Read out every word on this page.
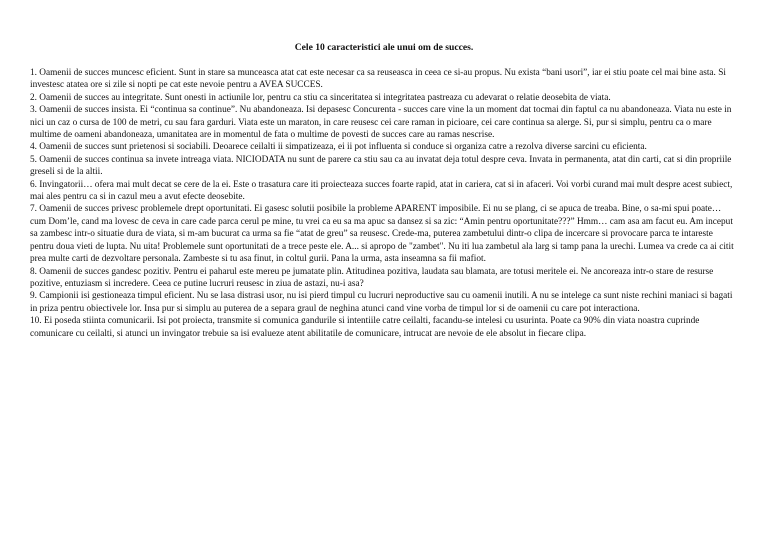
Cele 10 caracteristici ale unui om de succes.

1. Oamenii de succes muncesc eficient. Sunt in stare sa munceasca atat cat este necesar ca sa reuseasca in ceea ce si-au propus. Nu exista “bani usori”, iar ei stiu poate cel mai bine asta. Si investesc atatea ore si zile si nopti pe cat este nevoie pentru a AVEA SUCCES.

2. Oamenii de succes au integritate. Sunt onesti in actiunile lor, pentru ca stiu ca sinceritatea si integritatea pastreaza cu adevarat o relatie deosebita de viata.

3. Oamenii de succes insista. Ei “continua sa continue”. Nu abandoneaza. Isi depasesc Concurenta - succes care vine la un moment dat tocmai din faptul ca nu abandoneaza. Viata nu este in nici un caz o cursa de 100 de metri, cu sau fara garduri. Viata este un maraton, in care reusesc cei care raman in picioare, cei care continua sa alerge. Si, pur si simplu, pentru ca o mare multime de oameni abandoneaza, umanitatea are in momentul de fata o multime de povesti de succes care au ramas nescrise.

4. Oamenii de succes sunt prietenosi si sociabili. Deoarece ceilalti ii simpatizeaza, ei ii pot influenta si conduce si organiza catre a rezolva diverse sarcini cu eficienta.

5. Oamenii de succes continua sa invete intreaga viata. NICIODATA nu sunt de parere ca stiu sau ca au invatat deja totul despre ceva. Invata in permanenta, atat din carti, cat si din propriile greseli si de la altii.

6. Invingatorii… ofera mai mult decat se cere de la ei. Este o trasatura care iti proiecteaza succes foarte rapid, atat in cariera, cat si in afaceri. Voi vorbi curand mai mult despre acest subiect, mai ales pentru ca si in cazul meu a avut efecte deosebite.

7. Oamenii de succes privesc problemele drept oportunitati. Ei gasesc solutii posibile la probleme APARENT imposibile. Ei nu se plang, ci se apuca de treaba. Bine, o sa-mi spui poate… cum Dom’le, cand ma lovesc de ceva in care cade parca cerul pe mine, tu vrei ca eu sa ma apuc sa dansez si sa zic: “Amin pentru oportunitate???” Hmm… cam asa am facut eu. Am inceput sa zambesc intr-o situatie dura de viata, si m-am bucurat ca urma sa fie “atat de greu” sa reusesc. Crede-ma, puterea zambetului dintr-o clipa de incercare si provocare parca te intareste pentru doua vieti de lupta. Nu uita! Problemele sunt oportunitati de a trece peste ele. A... si apropo de "zambet". Nu iti lua zambetul ala larg si tamp pana la urechi. Lumea va crede ca ai citit prea multe carti de dezvoltare personala. Zambeste si tu asa finut, in coltul gurii. Pana la urma, asta inseamna sa fii mafiot.

8. Oamenii de succes gandesc pozitiv. Pentru ei paharul este mereu pe jumatate plin. Atitudinea pozitiva, laudata sau blamata, are totusi meritele ei. Ne ancoreaza intr-o stare de resurse pozitive, entuziasm si incredere. Ceea ce putine lucruri reusesc in ziua de astazi, nu-i asa?

9. Campionii isi gestioneaza timpul eficient. Nu se lasa distrasi usor, nu isi pierd timpul cu lucruri neproductive sau cu oamenii inutili. A nu se intelege ca sunt niste rechini maniaci si bagati in priza pentru obiectivele lor. Insa pur si simplu au puterea de a separa graul de neghina atunci cand vine vorba de timpul lor si de oamenii cu care pot interactiona.

10. Ei poseda stiinta comunicarii. Isi pot proiecta, transmite si comunica gandurile si intentiile catre ceilalti, facandu-se intelesi cu usurinta. Poate ca 90% din viata noastra cuprinde comunicare cu ceilalti, si atunci un invingator trebuie sa isi evalueze atent abilitatile de comunicare, intrucat are nevoie de ele absolut in fiecare clipa.
